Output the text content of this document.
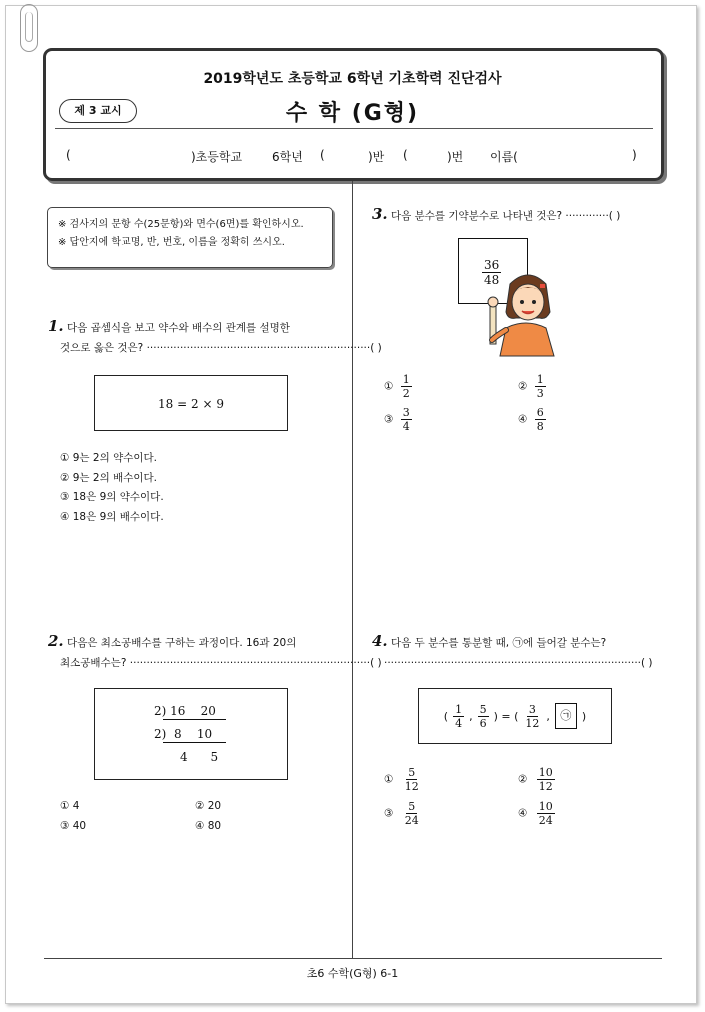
2019학년도 초등학교 6학년 기초학력 진단검사
수 학 (G형)
제 3 교시
(	)초등학교 6학년 (	)반 (	)번 이름(	)
※ 검사지의 문항 수(25문항)와 면수(6면)를 확인하시오.
※ 답안지에 학교명, 반, 번호, 이름을 정확히 쓰시오.
1. 다음 곱셈식을 보고 약수와 배수의 관계를 설명한
것으로 옳은 것은? ···································································( )
18 = 2 × 9
① 9는 2의 약수이다.
② 9는 2의 배수이다.
③ 18은 9의 약수이다.
④ 18은 9의 배수이다.
2. 다음은 최소공배수를 구하는 과정이다. 16과 20의
최소공배수는? ········································································( )
2) 16    20
2)  8    10
4      5
① 4	② 20
③ 40	④ 80
3. 다음 분수를 기약분수로 나타낸 것은? ·············( )
$\frac{36}{48}$
① $\frac{1}{2}$	② $\frac{1}{3}$
③ $\frac{3}{4}$	④ $\frac{6}{8}$
4. 다음 두 분수를 통분할 때, ㉠에 들어갈 분수는?
·············································································( )
( $\frac{1}{4}$ , $\frac{5}{6}$ ) = ( $\frac{3}{12}$ , ㉠ )
① $\frac{5}{12}$	② $\frac{10}{12}$
③ $\frac{5}{24}$	④ $\frac{10}{24}$
초6 수학(G형) 6-1
